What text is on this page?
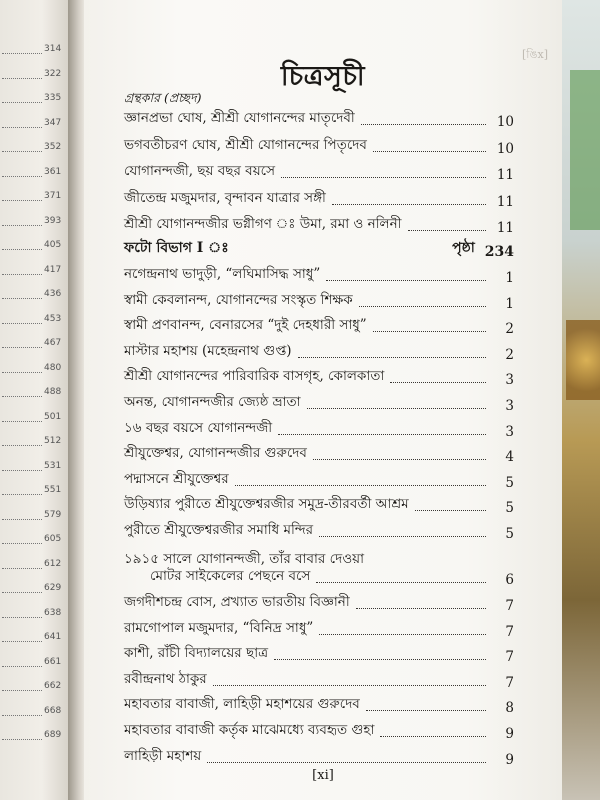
314
322
335
347
352
361
371
393
405
417
436
453
467
480
488
501
512
531
551
579
605
612
629
638
641
661
662
668
689
[ঙিx]
চিত্রসূচী
গ্রন্থকার (প্রচ্ছদ)
জ্ঞানপ্রভা ঘোষ, শ্রীশ্রী যোগানন্দের মাতৃদেবী	10
ভগবতীচরণ ঘোষ, শ্রীশ্রী যোগানন্দের পিতৃদেব	10
যোগানন্দজী, ছয় বছর বয়সে	11
জীতেন্দ্র মজুমদার, বৃন্দাবন যাত্রার সঙ্গী	11
শ্রীশ্রী যোগানন্দজীর ভগ্নীগণ ঃ উমা, রমা ও নলিনী	11
ফটো বিভাগ I ঃ	পৃষ্ঠা 234
নগেন্দ্রনাথ ভাদুড়ী, “লঘিমাসিদ্ধ সাধু”	1
স্বামী কেবলানন্দ, যোগানন্দের সংস্কৃত শিক্ষক	1
স্বামী প্রণবানন্দ, বেনারসের “দুই দেহধারী সাধু”	2
মাস্টার মহাশয় (মহেন্দ্রনাথ গুপ্ত)	2
শ্রীশ্রী যোগানন্দের পারিবারিক বাসগৃহ, কোলকাতা	3
অনন্ত, যোগানন্দজীর জ্যেষ্ঠ ভ্রাতা	3
১৬ বছর বয়সে যোগানন্দজী	3
শ্রীযুক্তেশ্বর, যোগানন্দজীর গুরুদেব	4
পদ্মাসনে শ্রীযুক্তেশ্বর	5
উড়িষ্যার পুরীতে শ্রীযুক্তেশ্বরজীর সমুদ্র-তীরবর্তী আশ্রম	5
পুরীতে শ্রীযুক্তেশ্বরজীর সমাধি মন্দির	5
১৯১৫ সালে যোগানন্দজী, তাঁর বাবার দেওয়া
মোটর সাইকেলের পেছনে বসে	6
জগদীশচন্দ্র বোস, প্রখ্যাত ভারতীয় বিজ্ঞানী	7
রামগোপাল মজুমদার, “বিনিদ্র সাধু”	7
কাশী, রাঁচী বিদ্যালয়ের ছাত্র	7
রবীন্দ্রনাথ ঠাকুর	7
মহাবতার বাবাজী, লাহিড়ী মহাশয়ের গুরুদেব	8
মহাবতার বাবাজী কর্তৃক মাঝেমধ্যে ব্যবহৃত গুহা	9
লাহিড়ী মহাশয়	9
[xi]
